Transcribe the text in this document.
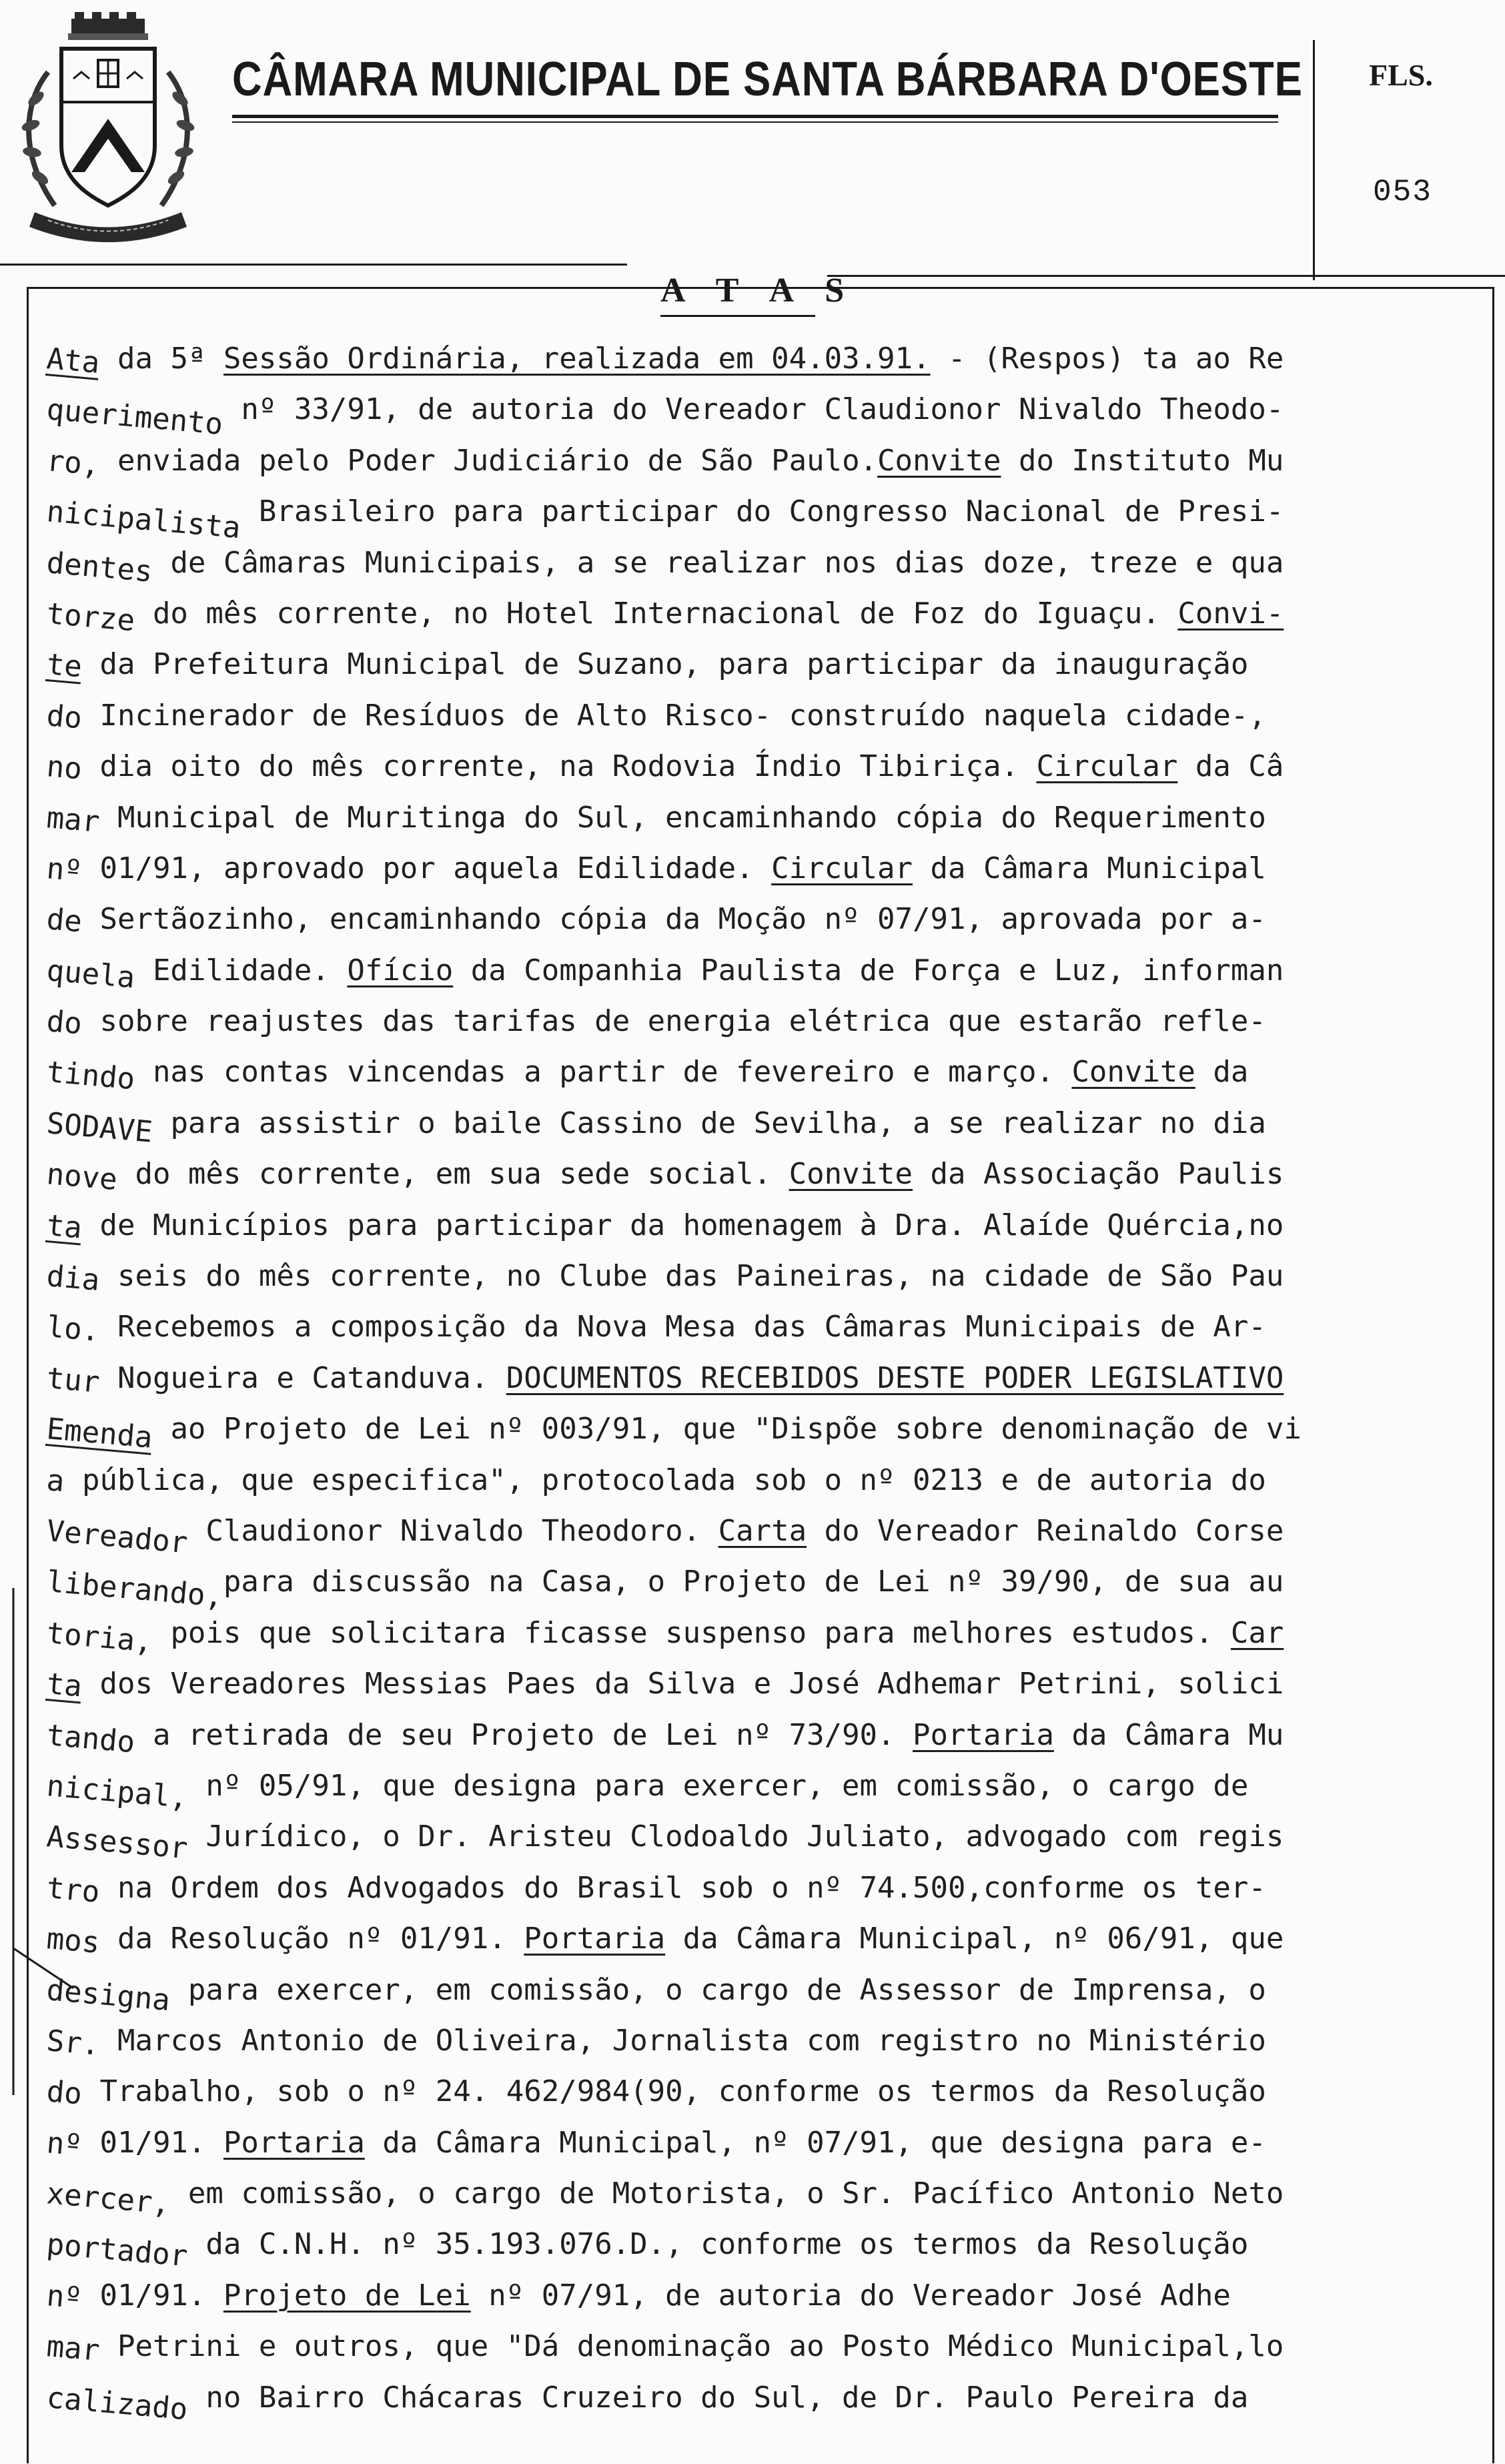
CÂMARA MUNICIPAL DE SANTA BÁRBARA D'OESTE FLS.
053
A T A S
Ata da 5ª Sessão Ordinária, realizada em 04.03.91. - (Respos) ta ao Re
querimento nº 33/91, de autoria do Vereador Claudionor Nivaldo Theodo-
ro, enviada pelo Poder Judiciário de São Paulo.Convite do Instituto Mu
nicipalista Brasileiro para participar do Congresso Nacional de Presi-
dentes de Câmaras Municipais, a se realizar nos dias doze, treze e qua
torze do mês corrente, no Hotel Internacional de Foz do Iguaçu. Convi-
te da Prefeitura Municipal de Suzano, para participar da inauguração
do Incinerador de Resíduos de Alto Risco- construído naquela cidade-,
no dia oito do mês corrente, na Rodovia Índio Tibiriça. Circular da Câ
mar Municipal de Muritinga do Sul, encaminhando cópia do Requerimento
nº 01/91, aprovado por aquela Edilidade. Circular da Câmara Municipal
de Sertãozinho, encaminhando cópia da Moção nº 07/91, aprovada por a-
quela Edilidade. Ofício da Companhia Paulista de Força e Luz, informan
do sobre reajustes das tarifas de energia elétrica que estarão refle-
tindo nas contas vincendas a partir de fevereiro e março. Convite da
SODAVE para assistir o baile Cassino de Sevilha, a se realizar no dia
nove do mês corrente, em sua sede social. Convite da Associação Paulis
ta de Municípios para participar da homenagem à Dra. Alaíde Quércia,no
dia seis do mês corrente, no Clube das Paineiras, na cidade de São Pau
lo. Recebemos a composição da Nova Mesa das Câmaras Municipais de Ar-
tur Nogueira e Catanduva. DOCUMENTOS RECEBIDOS DESTE PODER LEGISLATIVO
Emenda ao Projeto de Lei nº 003/91, que "Dispõe sobre denominação de vi
a pública, que especifica", protocolada sob o nº 0213 e de autoria do
Vereador Claudionor Nivaldo Theodoro. Carta do Vereador Reinaldo Corse
liberando,para discussão na Casa, o Projeto de Lei nº 39/90, de sua au
toria, pois que solicitara ficasse suspenso para melhores estudos. Car
ta dos Vereadores Messias Paes da Silva e José Adhemar Petrini, solici
tando a retirada de seu Projeto de Lei nº 73/90. Portaria da Câmara Mu
nicipal, nº 05/91, que designa para exercer, em comissão, o cargo de
Assessor Jurídico, o Dr. Aristeu Clodoaldo Juliato, advogado com regis
tro na Ordem dos Advogados do Brasil sob o nº 74.500,conforme os ter-
mos da Resolução nº 01/91. Portaria da Câmara Municipal, nº 06/91, que
designa para exercer, em comissão, o cargo de Assessor de Imprensa, o
Sr. Marcos Antonio de Oliveira, Jornalista com registro no Ministério
do Trabalho, sob o nº 24. 462/984(90, conforme os termos da Resolução
nº 01/91. Portaria da Câmara Municipal, nº 07/91, que designa para e-
xercer, em comissão, o cargo de Motorista, o Sr. Pacífico Antonio Neto
portador da C.N.H. nº 35.193.076.D., conforme os termos da Resolução
nº 01/91. Projeto de Lei nº 07/91, de autoria do Vereador José Adhe
mar Petrini e outros, que "Dá denominação ao Posto Médico Municipal,lo
calizado no Bairro Chácaras Cruzeiro do Sul, de Dr. Paulo Pereira da
